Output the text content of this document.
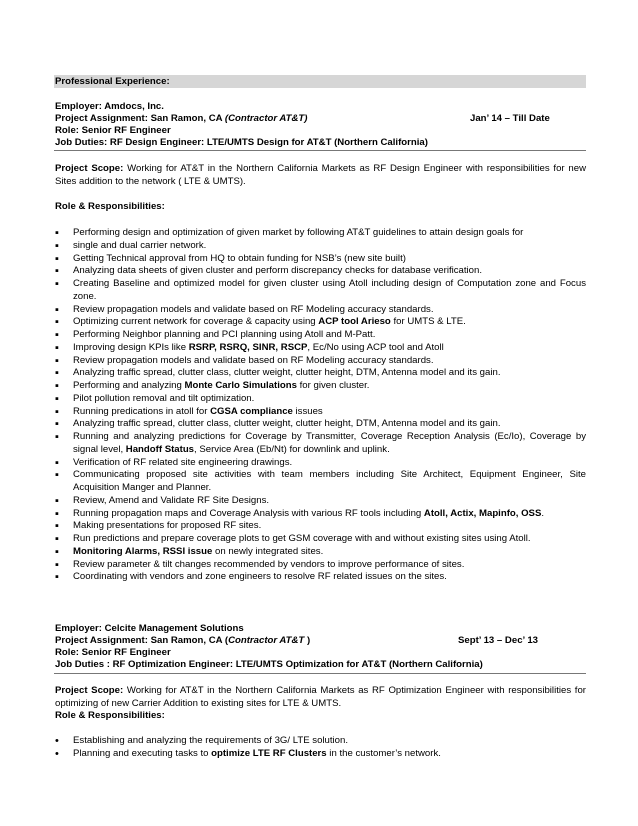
Professional Experience:
Employer: Amdocs, Inc.
Project Assignment: San Ramon, CA (Contractor AT&T)	Jan’ 14 – Till Date
Role: Senior RF Engineer
Job Duties: RF Design Engineer: LTE/UMTS Design for AT&T (Northern California)
Project Scope: Working for AT&T in the Northern California Markets as RF Design Engineer with responsibilities for new Sites addition to the network ( LTE & UMTS).
Role & Responsibilities:
▪ Performing design and optimization of given market by following AT&T guidelines to attain design goals for
▪ single and dual carrier network.
▪ Getting Technical approval from HQ to obtain funding for NSB’s (new site built)
▪ Analyzing data sheets of given cluster and perform discrepancy checks for database verification.
▪ Creating Baseline and optimized model for given cluster using Atoll including design of Computation zone and Focus zone.
▪ Review propagation models and validate based on RF Modeling accuracy standards.
▪ Optimizing current network for coverage & capacity using ACP tool Arieso for UMTS & LTE.
▪ Performing Neighbor planning and PCI planning using Atoll and M-Patt.
▪ Improving design KPIs like RSRP, RSRQ, SINR, RSCP, Ec/No using ACP tool and Atoll
▪ Review propagation models and validate based on RF Modeling accuracy standards.
▪ Analyzing traffic spread, clutter class, clutter weight, clutter height, DTM, Antenna model and its gain.
▪ Performing and analyzing Monte Carlo Simulations for given cluster.
▪ Pilot pollution removal and tilt optimization.
▪ Running predications in atoll for CGSA compliance issues
▪ Analyzing traffic spread, clutter class, clutter weight, clutter height, DTM, Antenna model and its gain.
▪ Running and analyzing predictions for Coverage by Transmitter, Coverage Reception Analysis (Ec/Io), Coverage by signal level, Handoff Status, Service Area (Eb/Nt) for downlink and uplink.
▪ Verification of RF related site engineering drawings.
▪ Communicating proposed site activities with team members including Site Architect, Equipment Engineer, Site Acquisition Manger and Planner.
▪ Review, Amend and Validate RF Site Designs.
▪ Running propagation maps and Coverage Analysis with various RF tools including Atoll, Actix, Mapinfo, OSS.
▪ Making presentations for proposed RF sites.
▪ Run predictions and prepare coverage plots to get GSM coverage with and without existing sites using Atoll.
▪ Monitoring Alarms, RSSI issue on newly integrated sites.
▪ Review parameter & tilt changes recommended by vendors to improve performance of sites.
▪ Coordinating with vendors and zone engineers to resolve RF related issues on the sites.
Employer: Celcite Management Solutions
Project Assignment: San Ramon, CA (Contractor AT&T )	Sept’ 13 – Dec’ 13
Role: Senior RF Engineer
Job Duties : RF Optimization Engineer: LTE/UMTS Optimization for AT&T (Northern California)
Project Scope: Working for AT&T in the Northern California Markets as RF Optimization Engineer with responsibilities for optimizing of new Carrier Addition to existing sites for LTE & UMTS.
Role & Responsibilities:
• Establishing and analyzing the requirements of 3G/ LTE solution.
• Planning and executing tasks to optimize LTE RF Clusters in the customer’s network.
